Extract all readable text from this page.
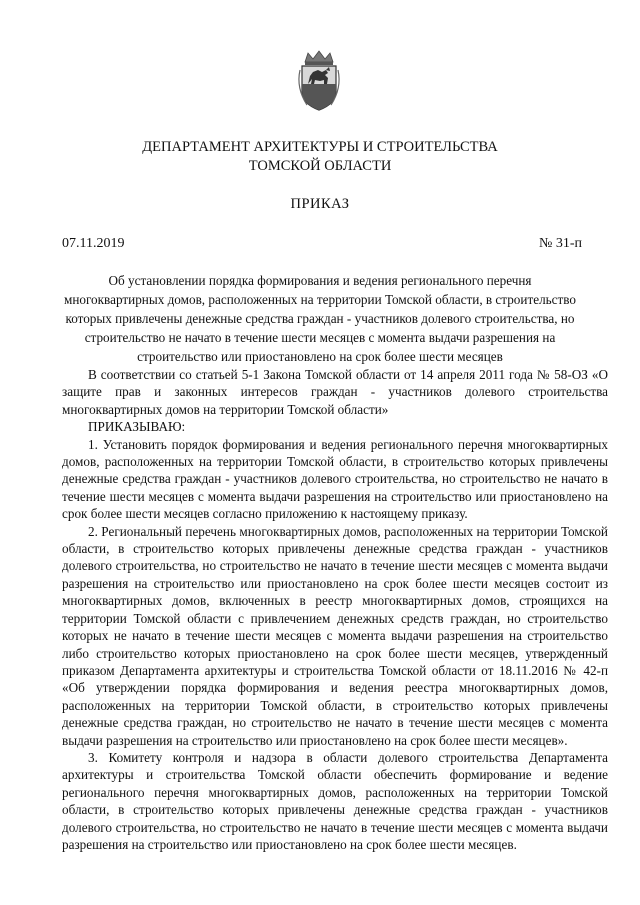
ДЕПАРТАМЕНТ АРХИТЕКТУРЫ И СТРОИТЕЛЬСТВА
ТОМСКОЙ ОБЛАСТИ
ПРИКАЗ
07.11.2019	№ 31-п
Об установлении порядка формирования и ведения регионального перечня
многоквартирных домов, расположенных на территории Томской области, в строительство
которых привлечены денежные средства граждан - участников долевого строительства, но
строительство не начато в течение шести месяцев с момента выдачи разрешения на
строительство или приостановлено на срок более шести месяцев

В соответствии со статьей 5-1 Закона Томской области от 14 апреля 2011 года № 58-ОЗ «О защите прав и законных интересов граждан - участников долевого строительства многоквартирных домов на территории Томской области»

ПРИКАЗЫВАЮ:

1. Установить порядок формирования и ведения регионального перечня многоквартирных домов, расположенных на территории Томской области, в строительство которых привлечены денежные средства граждан - участников долевого строительства, но строительство не начато в течение шести месяцев с момента выдачи разрешения на строительство или приостановлено на срок более шести месяцев согласно приложению к настоящему приказу.

2. Региональный перечень многоквартирных домов, расположенных на территории Томской области, в строительство которых привлечены денежные средства граждан - участников долевого строительства, но строительство не начато в течение шести месяцев с момента выдачи разрешения на строительство или приостановлено на срок более шести месяцев состоит из многоквартирных домов, включенных в реестр многоквартирных домов, строящихся на территории Томской области с привлечением денежных средств граждан, но строительство которых не начато в течение шести месяцев с момента выдачи разрешения на строительство либо строительство которых приостановлено на срок более шести месяцев, утвержденный приказом Департамента архитектуры и строительства Томской области от 18.11.2016 № 42-п «Об утверждении порядка формирования и ведения реестра многоквартирных домов, расположенных на территории Томской области, в строительство которых привлечены денежные средства граждан, но строительство не начато в течение шести месяцев с момента выдачи разрешения на строительство или приостановлено на срок более шести месяцев».

3. Комитету контроля и надзора в области долевого строительства Департамента архитектуры и строительства Томской области обеспечить формирование и ведение регионального перечня многоквартирных домов, расположенных на территории Томской области, в строительство которых привлечены денежные средства граждан - участников долевого строительства, но строительство не начато в течение шести месяцев с момента выдачи разрешения на строительство или приостановлено на срок более шести месяцев.
